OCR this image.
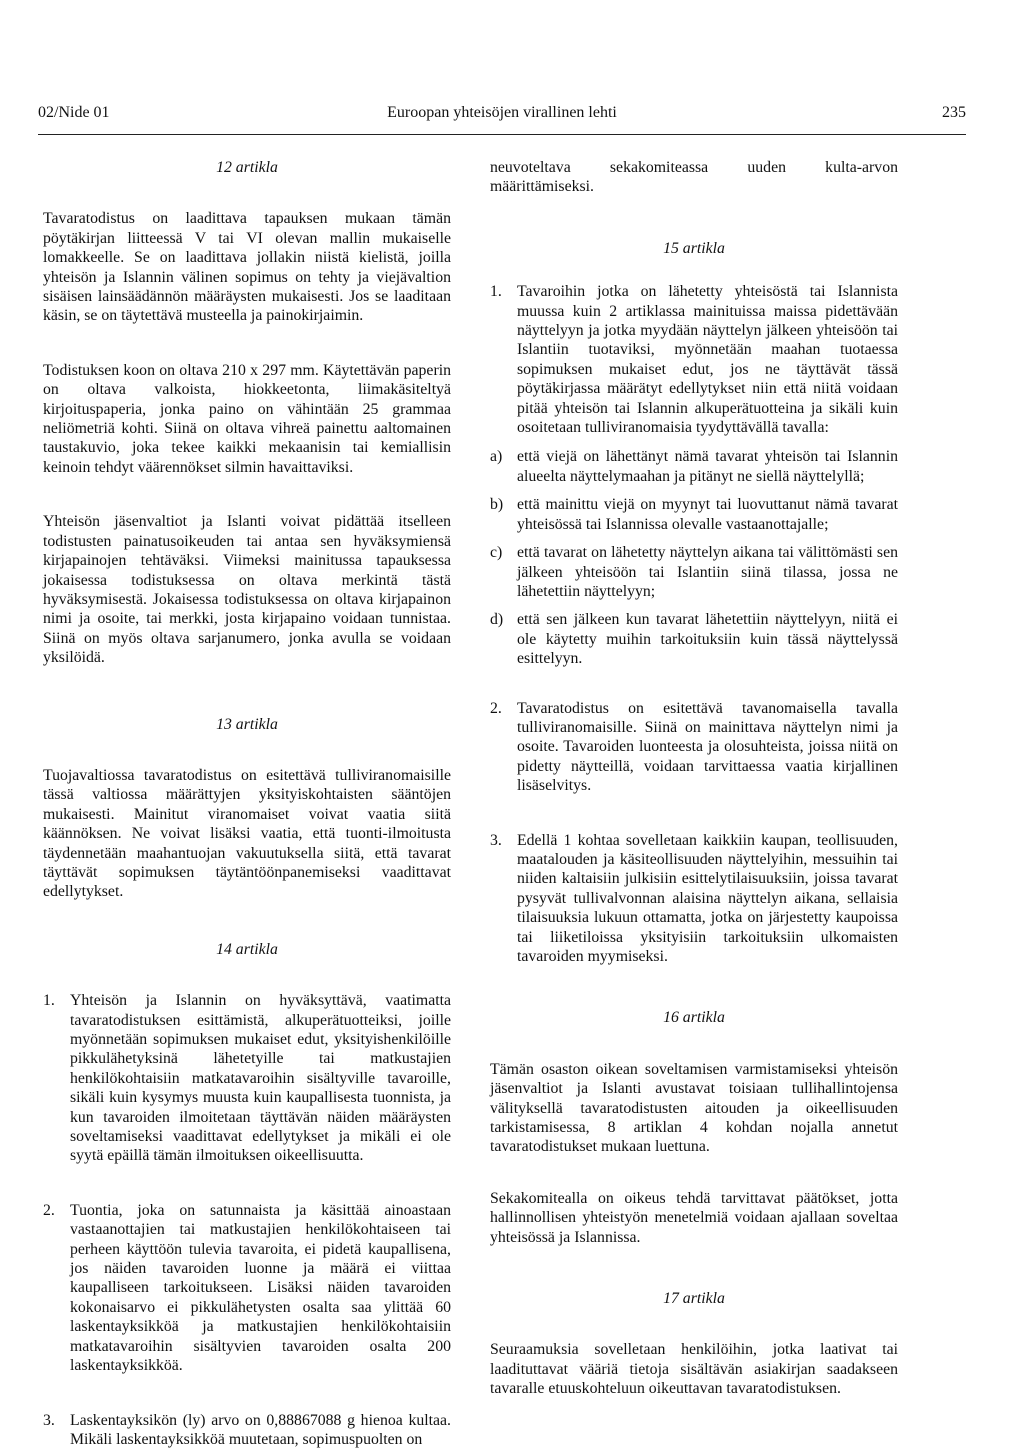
02/Nide 01	Euroopan yhteisöjen virallinen lehti	235

12 artikla

Tavaratodistus on laadittava tapauksen mukaan tämän pöytäkirjan liitteessä V tai VI olevan mallin mukaiselle lomakkeelle. Se on laadittava jollakin niistä kielistä, joilla yhteisön ja Islannin välinen sopimus on tehty ja viejävaltion sisäisen lainsäädännön määräysten mukaisesti. Jos se laaditaan käsin, se on täytettävä musteella ja painokirjaimin.

Todistuksen koon on oltava 210 x 297 mm. Käytettävän paperin on oltava valkoista, hiokkeetonta, liimakäsiteltyä kirjoituspaperia, jonka paino on vähintään 25 grammaa neliömetriä kohti. Siinä on oltava vihreä painettu aaltomainen taustakuvio, joka tekee kaikki mekaanisin tai kemiallisin keinoin tehdyt väärennökset silmin havaittaviksi.

Yhteisön jäsenvaltiot ja Islanti voivat pidättää itselleen todistusten painatusoikeuden tai antaa sen hyväksymiensä kirjapainojen tehtäväksi. Viimeksi mainitussa tapauksessa jokaisessa todistuksessa on oltava merkintä tästä hyväksymisestä. Jokaisessa todistuksessa on oltava kirjapainon nimi ja osoite, tai merkki, josta kirjapaino voidaan tunnistaa. Siinä on myös oltava sarjanumero, jonka avulla se voidaan yksilöidä.

13 artikla

Tuojavaltiossa tavaratodistus on esitettävä tulliviranomaisille tässä valtiossa määrättyjen yksityiskohtaisten sääntöjen mukaisesti. Mainitut viranomaiset voivat vaatia siitä käännöksen. Ne voivat lisäksi vaatia, että tuonti-ilmoitusta täydennetään maahantuojan vakuutuksella siitä, että tavarat täyttävät sopimuksen täytäntöönpanemiseksi vaadittavat edellytykset.

14 artikla

1. Yhteisön ja Islannin on hyväksyttävä, vaatimatta tavaratodistuksen esittämistä, alkuperätuotteiksi, joille myönnetään sopimuksen mukaiset edut, yksityishenkilöille pikkulähetyksinä lähetetyille tai matkustajien henkilökohtaisiin matkatavaroihin sisältyville tavaroille, sikäli kuin kysymys muusta kuin kaupallisesta tuonnista, ja kun tavaroiden ilmoitetaan täyttävän näiden määräysten soveltamiseksi vaadittavat edellytykset ja mikäli ei ole syytä epäillä tämän ilmoituksen oikeellisuutta.

2. Tuontia, joka on satunnaista ja käsittää ainoastaan vastaanottajien tai matkustajien henkilökohtaiseen tai perheen käyttöön tulevia tavaroita, ei pidetä kaupallisena, jos näiden tavaroiden luonne ja määrä ei viittaa kaupalliseen tarkoitukseen. Lisäksi näiden tavaroiden kokonaisarvo ei pikkulähetysten osalta saa ylittää 60 laskentayksikköä ja matkustajien henkilökohtaisiin matkatavaroihin sisältyvien tavaroiden osalta 200 laskentayksikköä.

3. Laskentayksikön (ly) arvo on 0,88867088 g hienoa kultaa. Mikäli laskentayksikköä muutetaan, sopimuspuolten on

neuvoteltava sekakomiteassa uuden kulta-arvon määrittämiseksi.

15 artikla

1. Tavaroihin jotka on lähetetty yhteisöstä tai Islannista muussa kuin 2 artiklassa mainituissa maissa pidettävään näyttelyyn ja jotka myydään näyttelyn jälkeen yhteisöön tai Islantiin tuotaviksi, myönnetään maahan tuotaessa sopimuksen mukaiset edut, jos ne täyttävät tässä pöytäkirjassa määrätyt edellytykset niin että niitä voidaan pitää yhteisön tai Islannin alkuperätuotteina ja sikäli kuin osoitetaan tulliviranomaisia tyydyttävällä tavalla:

a) että viejä on lähettänyt nämä tavarat yhteisön tai Islannin alueelta näyttelymaahan ja pitänyt ne siellä näyttelyllä;

b) että mainittu viejä on myynyt tai luovuttanut nämä tavarat yhteisössä tai Islannissa olevalle vastaanottajalle;

c) että tavarat on lähetetty näyttelyn aikana tai välittömästi sen jälkeen yhteisöön tai Islantiin siinä tilassa, jossa ne lähetettiin näyttelyyn;

d) että sen jälkeen kun tavarat lähetettiin näyttelyyn, niitä ei ole käytetty muihin tarkoituksiin kuin tässä näyttelyssä esittelyyn.

2. Tavaratodistus on esitettävä tavanomaisella tavalla tulliviranomaisille. Siinä on mainittava näyttelyn nimi ja osoite. Tavaroiden luonteesta ja olosuhteista, joissa niitä on pidetty näytteillä, voidaan tarvittaessa vaatia kirjallinen lisäselvitys.

3. Edellä 1 kohtaa sovelletaan kaikkiin kaupan, teollisuuden, maatalouden ja käsiteollisuuden näyttelyihin, messuihin tai niiden kaltaisiin julkisiin esittelytilaisuuksiin, joissa tavarat pysyvät tullivalvonnan alaisina näyttelyn aikana, sellaisia tilaisuuksia lukuun ottamatta, jotka on järjestetty kaupoissa tai liiketiloissa yksityisiin tarkoituksiin ulkomaisten tavaroiden myymiseksi.

16 artikla

Tämän osaston oikean soveltamisen varmistamiseksi yhteisön jäsenvaltiot ja Islanti avustavat toisiaan tullihallintojensa välityksellä tavaratodistusten aitouden ja oikeellisuuden tarkistamisessa, 8 artiklan 4 kohdan nojalla annetut tavaratodistukset mukaan luettuna.

Sekakomitealla on oikeus tehdä tarvittavat päätökset, jotta hallinnollisen yhteistyön menetelmiä voidaan ajallaan soveltaa yhteisössä ja Islannissa.

17 artikla

Seuraamuksia sovelletaan henkilöihin, jotka laativat tai laadituttavat vääriä tietoja sisältävän asiakirjan saadakseen tavaralle etuuskohteluun oikeuttavan tavaratodistuksen.
